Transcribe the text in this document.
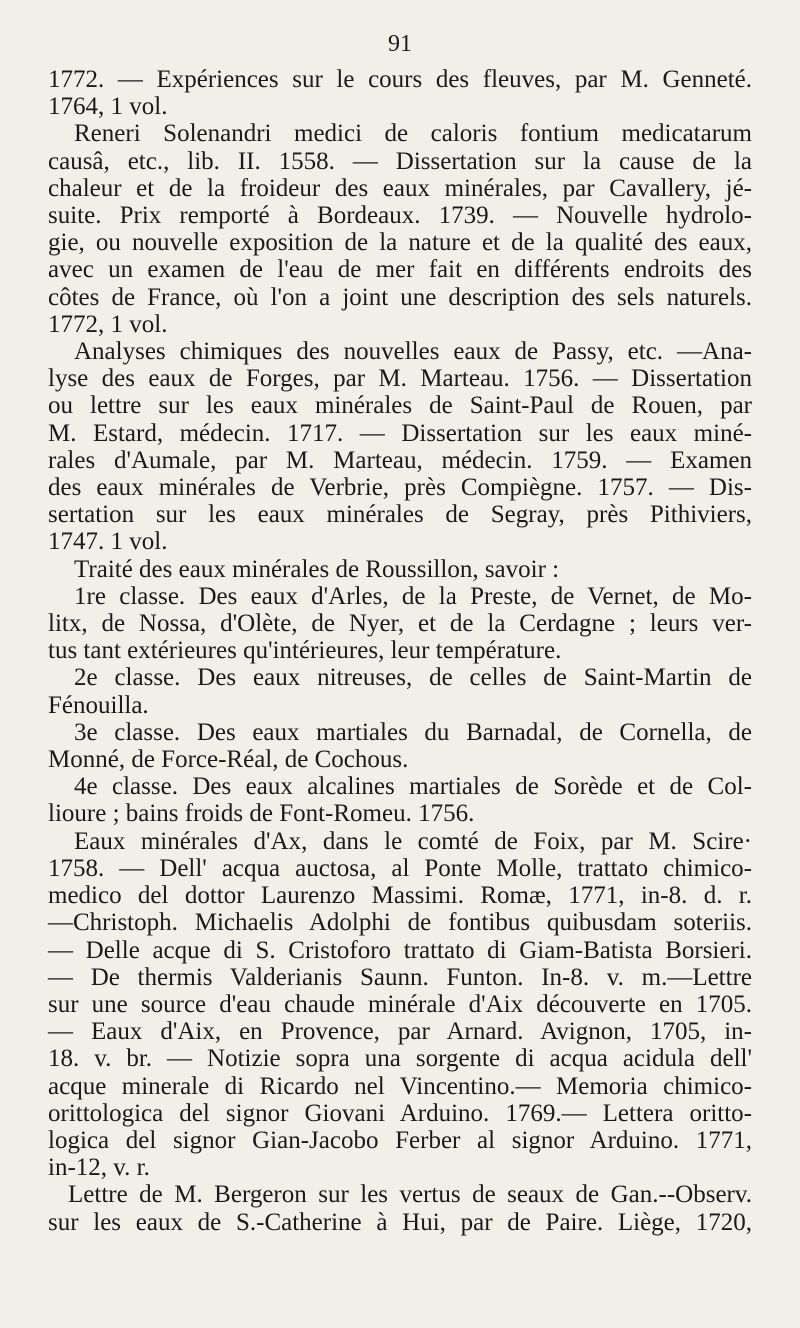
91
1772. — Expériences sur le cours des fleuves, par M. Genneté.
1764, 1 vol.
Reneri Solenandri medici de caloris fontium medicatarum
causâ, etc., lib. II. 1558. — Dissertation sur la cause de la
chaleur et de la froideur des eaux minérales, par Cavallery, jé-
suite. Prix remporté à Bordeaux. 1739. — Nouvelle hydrolo-
gie, ou nouvelle exposition de la nature et de la qualité des eaux,
avec un examen de l'eau de mer fait en différents endroits des
côtes de France, où l'on a joint une description des sels naturels.
1772, 1 vol.
Analyses chimiques des nouvelles eaux de Passy, etc. —Ana-
lyse des eaux de Forges, par M. Marteau. 1756. — Dissertation
ou lettre sur les eaux minérales de Saint-Paul de Rouen, par
M. Estard, médecin. 1717. — Dissertation sur les eaux miné-
rales d'Aumale, par M. Marteau, médecin. 1759. — Examen
des eaux minérales de Verbrie, près Compiègne. 1757. — Dis-
sertation sur les eaux minérales de Segray, près Pithiviers,
1747. 1 vol.
Traité des eaux minérales de Roussillon, savoir :
1re classe. Des eaux d'Arles, de la Preste, de Vernet, de Mo-
litx, de Nossa, d'Olète, de Nyer, et de la Cerdagne ; leurs ver-
tus tant extérieures qu'intérieures, leur température.
2e classe. Des eaux nitreuses, de celles de Saint-Martin de
Fénouilla.
3e classe. Des eaux martiales du Barnadal, de Cornella, de
Monné, de Force-Réal, de Cochous.
4e classe. Des eaux alcalines martiales de Sorède et de Col-
lioure ; bains froids de Font-Romeu. 1756.
Eaux minérales d'Ax, dans le comté de Foix, par M. Scire·
1758. — Dell' acqua auctosa, al Ponte Molle, trattato chimico-
medico del dottor Laurenzo Massimi. Romæ, 1771, in-8. d. r.
—Christoph. Michaelis Adolphi de fontibus quibusdam soteriis.
— Delle acque di S. Cristoforo trattato di Giam-Batista Borsieri.
— De thermis Valderianis Saunn. Funton. In-8. v. m.—Lettre
sur une source d'eau chaude minérale d'Aix découverte en 1705.
— Eaux d'Aix, en Provence, par Arnard. Avignon, 1705, in-
18. v. br. — Notizie sopra una sorgente di acqua acidula dell'
acque minerale di Ricardo nel Vincentino.— Memoria chimico-
orittologica del signor Giovani Arduino. 1769.— Lettera oritto-
logica del signor Gian-Jacobo Ferber al signor Arduino. 1771,
in-12, v. r.
Lettre de M. Bergeron sur les vertus de seaux de Gan.--Observ.
sur les eaux de S.-Catherine à Hui, par de Paire. Liège, 1720,
